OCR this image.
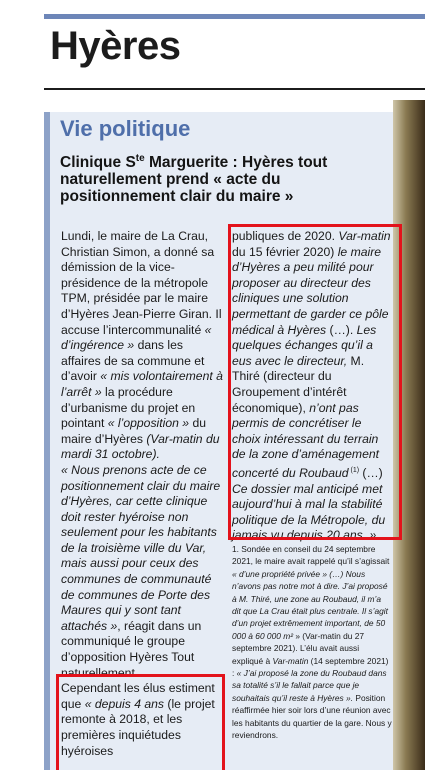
Hyères
Vie politique
Clinique $S^{te}$ Marguerite : Hyères tout naturellement prend « acte du positionnement clair du maire »

Lundi, le maire de La Crau, Christian Simon, a donné sa démission de la vice-présidence de la métropole TPM, présidée par le maire d’Hyères Jean-Pierre Giran. Il accuse l’intercommunalité « d’ingérence » dans les affaires de sa commune et d’avoir « mis volontairement à l’arrêt » la procédure d’urbanisme du projet en pointant « l’opposition » du maire d’Hyères (Var-matin du mardi 31 octobre).

« Nous prenons acte de ce positionnement clair du maire d’Hyères, car cette clinique doit rester hyéroise non seulement pour les habitants de la troisième ville du Var, mais aussi pour ceux des communes de communauté de communes de Porte des Maures qui y sont tant attachés », réagit dans un communiqué le groupe d’opposition Hyères Tout naturellement.

Cependant les élus estiment que « depuis 4 ans (le projet remonte à 2018, et les premières inquiétudes hyéroises

publiques de 2020. Var-matin du 15 février 2020) le maire d’Hyères a peu milité pour proposer au directeur des cliniques une solution permettant de garder ce pôle médical à Hyères (…). Les quelques échanges qu’il a eus avec le directeur, M. Thiré (directeur du Groupement d’intérêt économique), n’ont pas permis de concrétiser le choix intéressant du terrain de la zone d’aménagement concerté du Roubaud $^{(1)}$ (…) Ce dossier mal anticipé met aujourd’hui à mal la stabilité politique de la Métropole, du jamais vu depuis 20 ans. »

1. Sondée en conseil du 24 septembre 2021, le maire avait rappelé qu’il s’agissait « d’une propriété privée » (…) Nous n’avons pas notre mot à dire. J’ai proposé à M. Thiré, une zone au Roubaud, il m’a dit que La Crau était plus centrale. Il s’agit d’un projet extrêmement important, de 50 000 à 60 000 m² » (Var-matin du 27 septembre 2021). L’élu avait aussi expliqué à Var-matin (14 septembre 2021) : « J’ai proposé la zone du Roubaud dans sa totalité s’il le fallait parce que je souhaitais qu’il reste à Hyères ». Position réaffirmée hier soir lors d’une réunion avec les habitants du quartier de la gare. Nous y reviendrons.
